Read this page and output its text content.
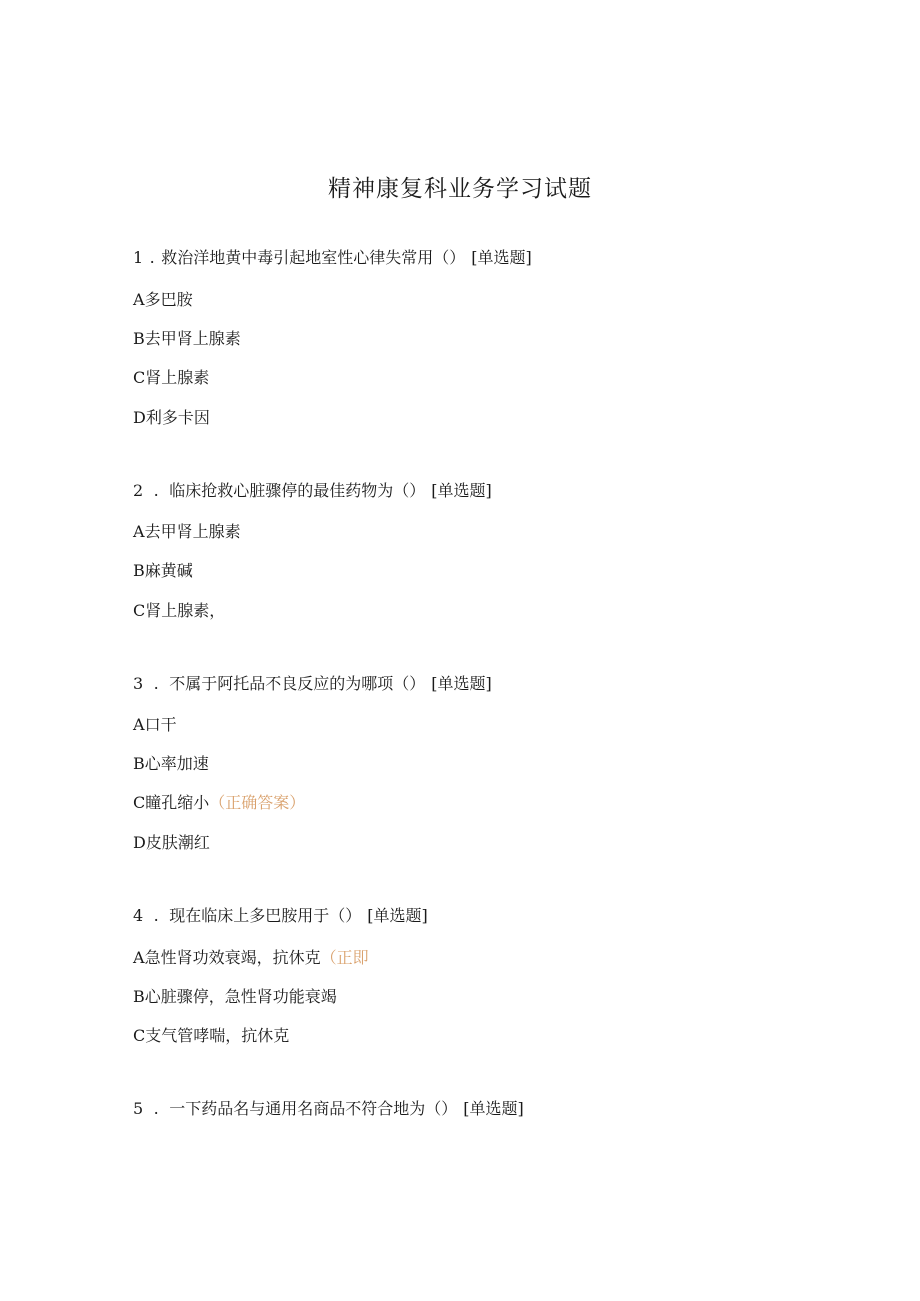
精神康复科业务学习试题
1 . 救治洋地黄中毒引起地室性心律失常用（） [单选题]
A多巴胺
B去甲肾上腺素
C肾上腺素
D利多卡因
2 . 临床抢救心脏骤停的最佳药物为（） [单选题]
A去甲肾上腺素
B麻黄碱
C肾上腺素，
3 . 不属于阿托品不良反应的为哪项（） [单选题]
A口干
B心率加速
C瞳孔缩小（正确答案）
D皮肤潮红
4 . 现在临床上多巴胺用于（） [单选题]
A急性肾功效衰竭，抗休克（正即
B心脏骤停，急性肾功能衰竭
C支气管哮喘，抗休克
5 . 一下药品名与通用名商品不符合地为（） [单选题]
